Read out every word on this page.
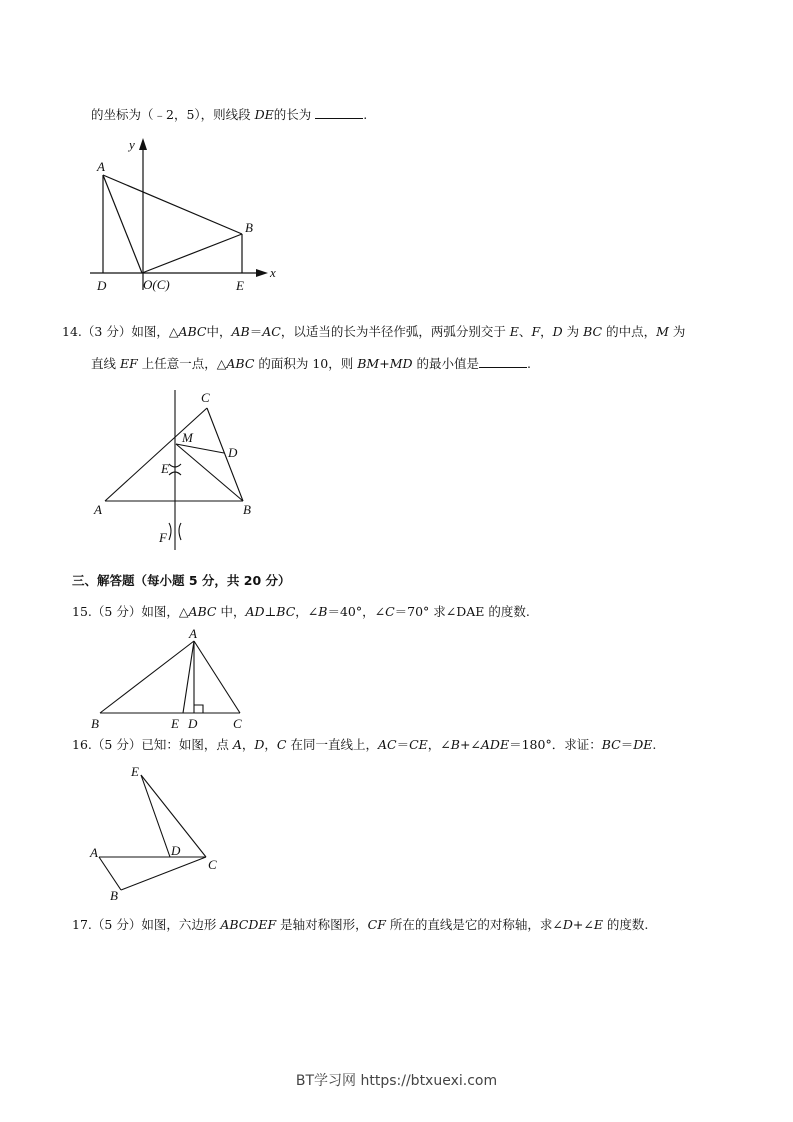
的坐标为（﹣2，5），则线段 DE的长为	.
y
x
A
B
D	O(C)	E
14.（3 分）如图，△ABC中，AB＝AC，以适当的长为半径作弧，两弧分别交于 E、F，D 为 BC 的中点，M 为
直线 EF 上任意一点，△ABC 的面积为 10，则 BM+MD 的最小值是	.
C
M
D
E
A	B
F
三、解答题（每小题 5 分，共 20 分）
15.（5 分）如图，△ABC 中，AD⊥BC，∠B＝40°，∠C＝70° 求∠DAE 的度数.
A
B	E D	C
16.（5 分）已知：如图，点 A，D，C 在同一直线上，AC＝CE，∠B+∠ADE＝180°．求证：BC＝DE.
E
A	D
C
B
17.（5 分）如图，六边形 ABCDEF 是轴对称图形，CF 所在的直线是它的对称轴，求∠D+∠E 的度数.
BT学习网 https://btxuexi.com
